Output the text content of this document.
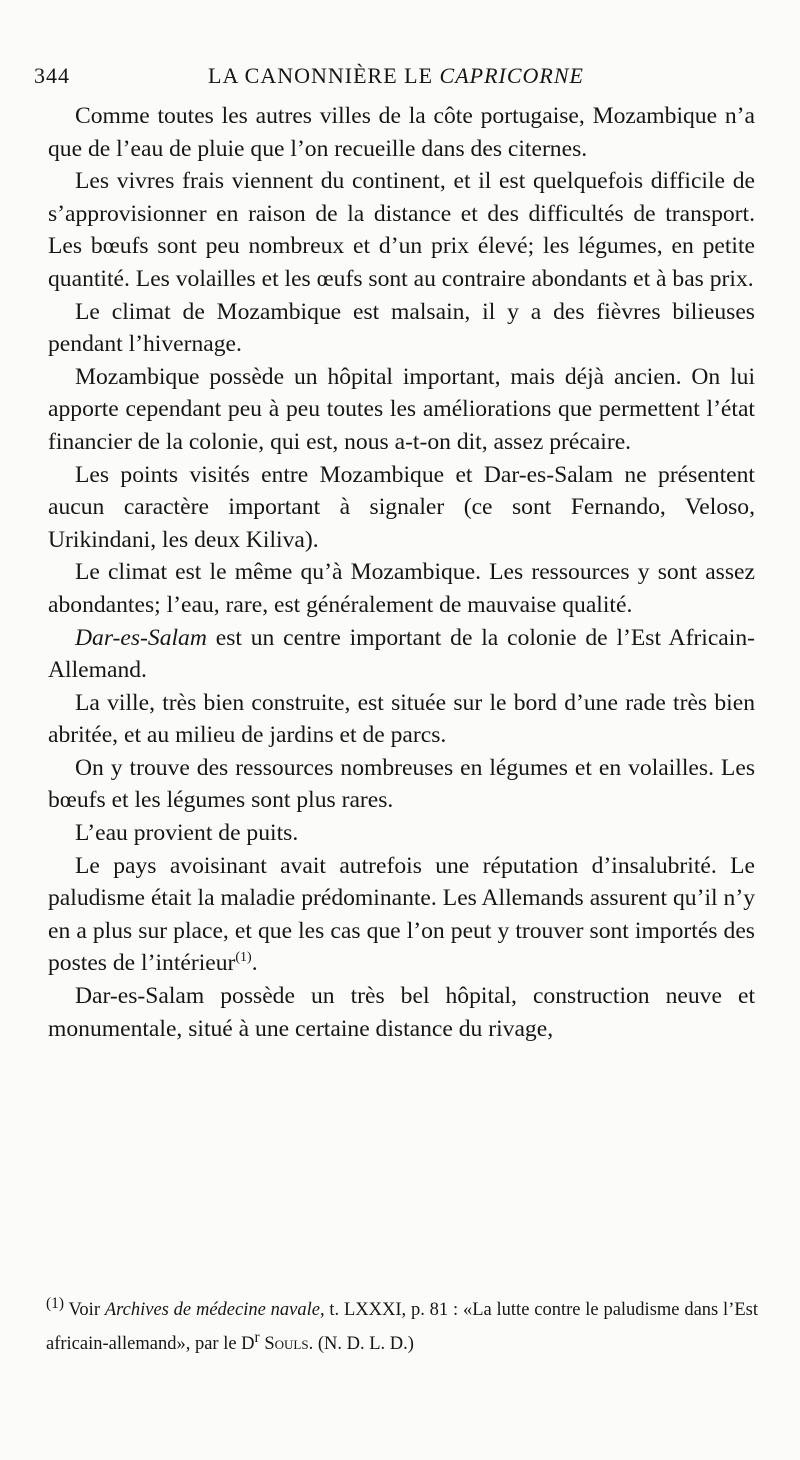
344	LA CANONNIÈRE LE CAPRICORNE

Comme toutes les autres villes de la côte portugaise, Mozambique n’a que de l’eau de pluie que l’on recueille dans des citernes.

Les vivres frais viennent du continent, et il est quelquefois difficile de s’approvisionner en raison de la distance et des difficultés de transport. Les bœufs sont peu nombreux et d’un prix élevé; les légumes, en petite quantité. Les volailles et les œufs sont au contraire abondants et à bas prix.

Le climat de Mozambique est malsain, il y a des fièvres bilieuses pendant l’hivernage.

Mozambique possède un hôpital important, mais déjà ancien. On lui apporte cependant peu à peu toutes les améliorations que permettent l’état financier de la colonie, qui est, nous a-t-on dit, assez précaire.

Les points visités entre Mozambique et Dar-es-Salam ne présentent aucun caractère important à signaler (ce sont Fernando, Veloso, Urikindani, les deux Kiliva).

Le climat est le même qu’à Mozambique. Les ressources y sont assez abondantes; l’eau, rare, est généralement de mauvaise qualité.

Dar-es-Salam est un centre important de la colonie de l’Est Africain-Allemand.

La ville, très bien construite, est située sur le bord d’une rade très bien abritée, et au milieu de jardins et de parcs.

On y trouve des ressources nombreuses en légumes et en volailles. Les bœufs et les légumes sont plus rares.

L’eau provient de puits.

Le pays avoisinant avait autrefois une réputation d’insalubrité. Le paludisme était la maladie prédominante. Les Allemands assurent qu’il n’y en a plus sur place, et que les cas que l’on peut y trouver sont importés des postes de l’intérieur$^{(1)}$.

Dar-es-Salam possède un très bel hôpital, construction neuve et monumentale, situé à une certaine distance du rivage,

$^{(1)}$ Voir Archives de médecine navale, t. LXXXI, p. 81 : «La lutte contre le paludisme dans l’Est africain-allemand», par le $D^r$ Souls. (N. D. L. D.)
